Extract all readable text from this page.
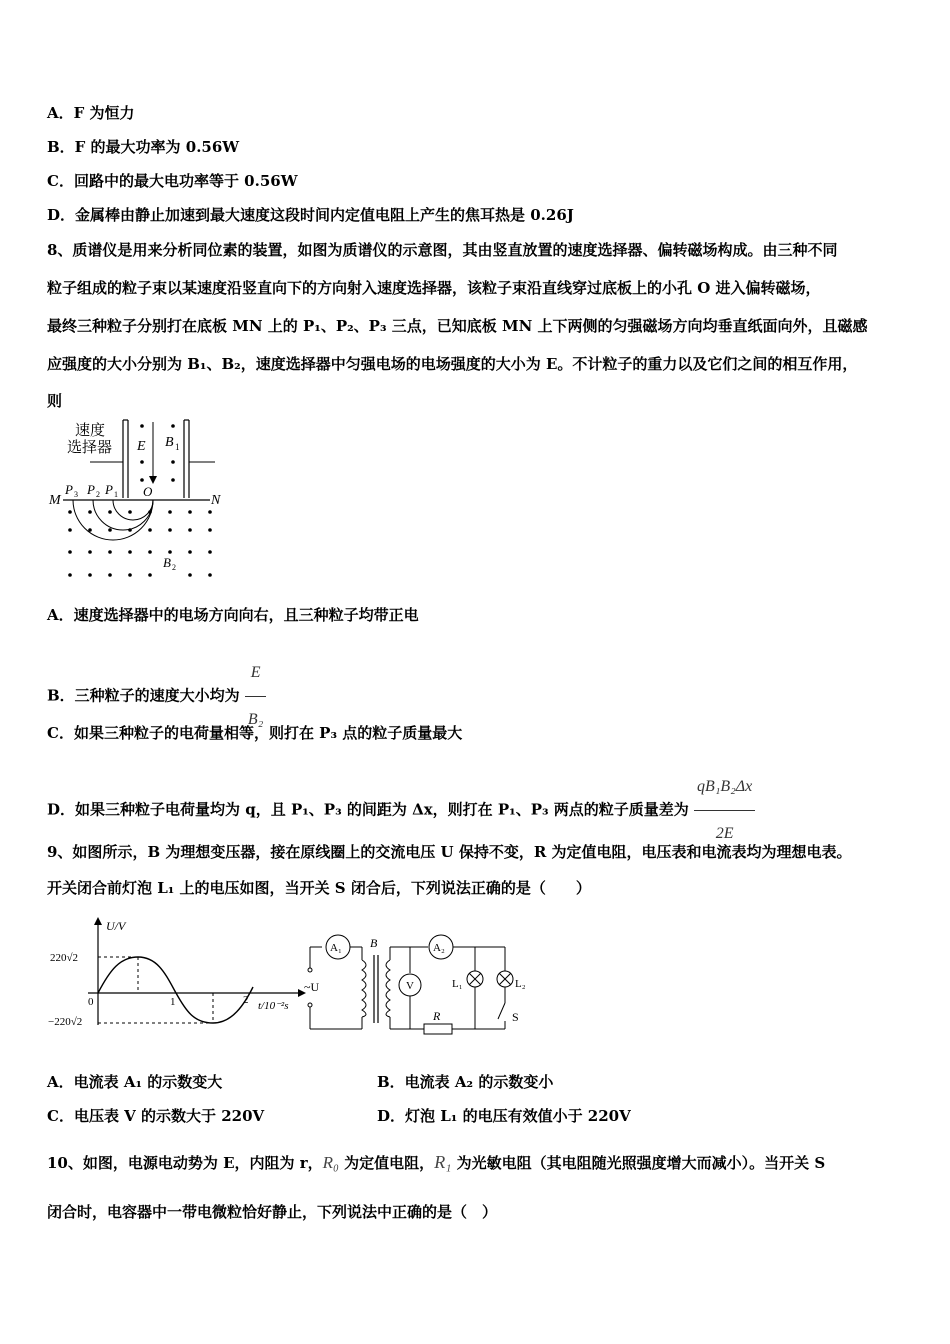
A．F 为恒力
B．F 的最大功率为 0.56W
C．回路中的最大电功率等于 0.56W
D．金属棒由静止加速到最大速度这段时间内定值电阻上产生的焦耳热是 0.26J
8、质谱仪是用来分析同位素的装置，如图为质谱仪的示意图，其由竖直放置的速度选择器、偏转磁场构成。由三种不同
粒子组成的粒子束以某速度沿竖直向下的方向射入速度选择器，该粒子束沿直线穿过底板上的小孔 O 进入偏转磁场，
最终三种粒子分别打在底板 MN 上的 P₁、P₂、P₃ 三点，已知底板 MN 上下两侧的匀强磁场方向均垂直纸面向外，且磁感
应强度的大小分别为 B₁、B₂，速度选择器中匀强电场的电场强度的大小为 E。不计粒子的重力以及它们之间的相互作用，
则
速度
选择器 E B 1
M	N
O
P 3 P 2 P 1
B 2
A．速度选择器中的电场方向向右，且三种粒子均带正电
B．三种粒子的速度大小均为 $\frac{E}{\text{B₂}}$
C．如果三种粒子的电荷量相等，则打在 P₃ 点的粒子质量最大
D．如果三种粒子电荷量均为 q，且 P₁、P₃ 的间距为 Δx，则打在 P₁、P₃ 两点的粒子质量差为 $\frac{\text{qB₁B₂Δx}}{2E}$
9、如图所示，B 为理想变压器，接在原线圈上的交流电压 U 保持不变，R 为定值电阻，电压表和电流表均为理想电表。
开关闭合前灯泡 L₁ 上的电压如图，当开关 S 闭合后，下列说法正确的是（　　）
U/V
220√2
−220√2
0	1	2 t/10⁻²s
~U
A₁ B	A₂
R
V	L₁	L₂
S
A．电流表 A₁ 的示数变大	B．电流表 A₂ 的示数变小
C．电压表 V 的示数大于 220V	D．灯泡 L₁ 的电压有效值小于 220V
10、如图，电源电动势为 E，内阻为 r，R₀ 为定值电阻，R₁ 为光敏电阻（其电阻随光照强度增大而减小）。当开关 S
闭合时，电容器中一带电微粒恰好静止，下列说法中正确的是（　）
